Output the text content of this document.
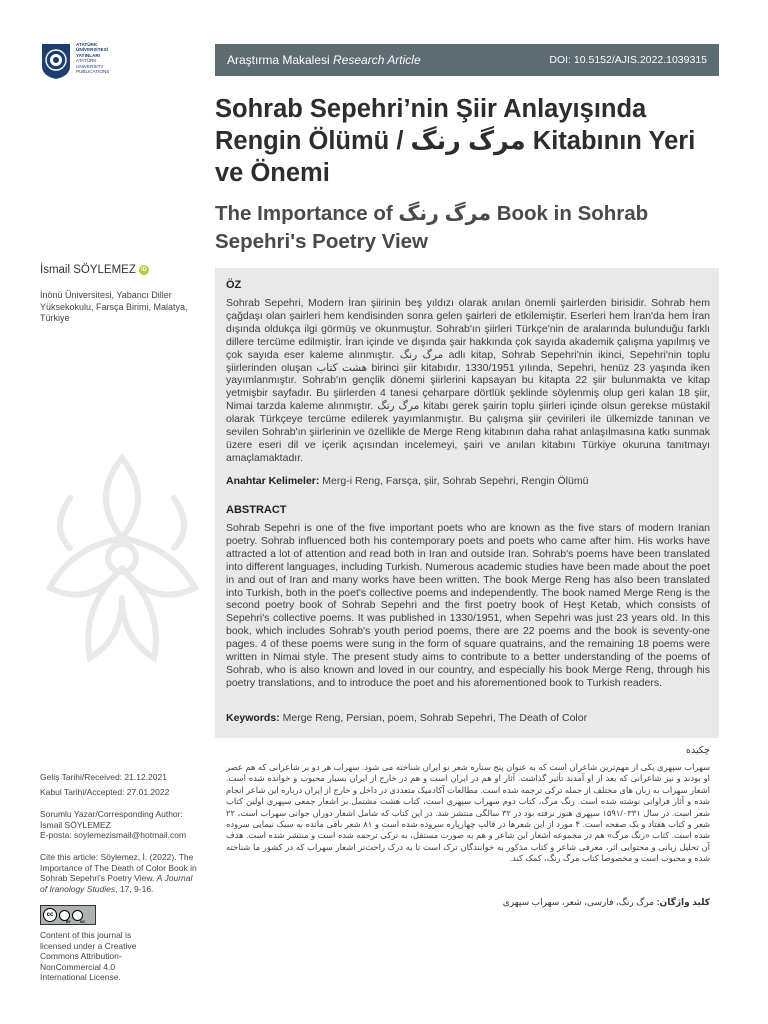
ATATÜRK
ÜNİVERSİTESİ
YAYINLARI
ATATÜRK
UNIVERSITY
PUBLICATIONS
Araştırma Makalesi Research Article	DOI: 10.5152/AJIS.2022.1039315
Sohrab Sepehri’nin Şiir Anlayışında Rengin Ölümü / مرگ رنگ Kitabının Yeri ve Önemi
The Importance of مرگ رنگ Book in Sohrab Sepehri's Poetry View
İsmail SÖYLEMEZ iD
İnönü Üniversitesi, Yabancı Diller Yüksekokulu, Farsça Birimi, Malatya, Türkiye
ÖZ

Sohrab Sepehri, Modern İran şiirinin beş yıldızı olarak anılan önemli şairlerden birisidir. Sohrab hem çağdaşı olan şairleri hem kendisinden sonra gelen şairleri de etkilemiştir. Eserleri hem İran'da hem İran dışında oldukça ilgi görmüş ve okunmuştur. Sohrab'ın şiirleri Türkçe'nin de aralarında bulunduğu farklı dillere tercüme edilmiştir. İran içinde ve dışında şair hakkında çok sayıda akademik çalışma yapılmış ve çok sayıda eser kaleme alınmıştır. مرگ رنگ adlı kitap, Sohrab Sepehri'nin ikinci, Sepehri'nin toplu şiirlerinden oluşan هشت کتاب birinci şiir kitabıdır. 1330/1951 yılında, Sepehri, henüz 23 yaşında iken yayımlanmıştır. Sohrab'ın gençlik dönemi şiirlerini kapsayan bu kitapta 22 şiir bulunmakta ve kitap yetmişbir sayfadır. Bu şiirlerden 4 tanesi çeharpare dörtlük şeklinde söylenmiş olup geri kalan 18 şiir, Nimai tarzda kaleme alınmıştır. مرگ رنگ kitabı gerek şairin toplu şiirleri içinde olsun gerekse müstakil olarak Türkçeye tercüme edilerek yayımlanmıştır. Bu çalışma şiir çevirileri ile ülkemizde tanınan ve sevilen Sohrab'ın şiirlerinin ve özellikle de Merge Reng kitabının daha rahat anlaşılmasına katkı sunmak üzere eseri dil ve içerik açısından incelemeyi, şairi ve anılan kitabını Türkiye okuruna tanıtmayı amaçlamaktadır.

Anahtar Kelimeler: Merg-i Reng, Farsça, şiir, Sohrab Sepehri, Rengin Ölümü
ABSTRACT

Sohrab Sepehri is one of the five important poets who are known as the five stars of modern Iranian poetry. Sohrab influenced both his contemporary poets and poets who came after him. His works have attracted a lot of attention and read both in Iran and outside Iran. Sohrab's poems have been translated into different languages, including Turkish. Numerous academic studies have been made about the poet in and out of Iran and many works have been written. The book Merge Reng has also been translated into Turkish, both in the poet's collective poems and independently. The book named Merge Reng is the second poetry book of Sohrab Sepehri and the first poetry book of Heşt Ketab, which consists of Sepehri's collective poems. It was published in 1330/1951, when Sepehri was just 23 years old. In this book, which includes Sohrab's youth period poems, there are 22 poems and the book is seventy-one pages. 4 of these poems were sung in the form of square quatrains, and the remaining 18 poems were written in Nimai style. The present study aims to contribute to a better understanding of the poems of Sohrab, who is also known and loved in our country, and especially his book Merge Reng, through his poetry translations, and to introduce the poet and his aforementioned book to Turkish readers.

Keywords: Merge Reng, Persian, poem, Sohrab Sepehri, The Death of Color
چکیده

سهراب سپهری یکی از مهم‌ترین شاعران است که به عنوان پنج ستاره شعر نو ایران شناخته می شود. سهراب هر دو بر شاعرانی که هم عصر او بودند و نیز شاعرانی که بعد از او آمدند تأثیر گذاشت. آثار او هم در ایران است و هم در خارج از ایران بسیار محبوب و خوانده شده است. اشعار سهراب به زبان های مختلف از جمله ترکی ترجمه شده است. مطالعات آکادمیک متعددی در داخل و خارج از ایران درباره این شاعر انجام شده و آثار فراوانی نوشته شده است. رنگ مرگ، کتاب دوم سهراب سپهری است، کتاب هشت مشتمل بر اشعار جمعی سپهری اولین کتاب شعر است. در سال ۱۵۹۱/۰۳۳۱ سپهری هنوز نرفته بود در ۳۲ سالگی منتشر شد. در این کتاب که شامل اشعار دوران جوانی سهراب است، ۲۲ شعر و کتاب هفتاد و یک صفحه است. ۴ مورد از این شعرها در قالب چهارپاره سروده شده است و ۸۱ شعر باقی مانده به سبک نیمایی سروده شده است. کتاب «رنگ مرگ» هم در مجموعه اشعار این شاعر و هم به صورت مستقل، به ترکی ترجمه شده است و منتشر شده است. هدف آن تحلیل زبانی و محتوایی اثر، معرفی شاعر و کتاب مذکور به خوانندگان ترک است تا به درک راحت‌تر اشعار سهراب که در کشور ما شناخته شده و محبوب است و مخصوصا کتاب مرگ رنگ، کمک کند.

کلید واژگان: مرگ رنگ، فارسی، شعر، سهراب سپهری
Geliş Tarihi/Received: 21.12.2021
Kabul Tarihi/Accepted: 27.01.2022
Sorumlu Yazar/Corresponding Author:
İsmail SÖYLEMEZ
E-posta: soylemezismail@hotmail.com
Cite this article: Söylemez, İ. (2022). The Importance of The Death of Color Book in Sohrab Sepehri's Poetry View. A Journal of Iranology Studies, 17, 9-16.
cc
BY	NC
Content of this journal is licensed under a Creative Commons Attribution-NonCommercial 4.0 International License.
